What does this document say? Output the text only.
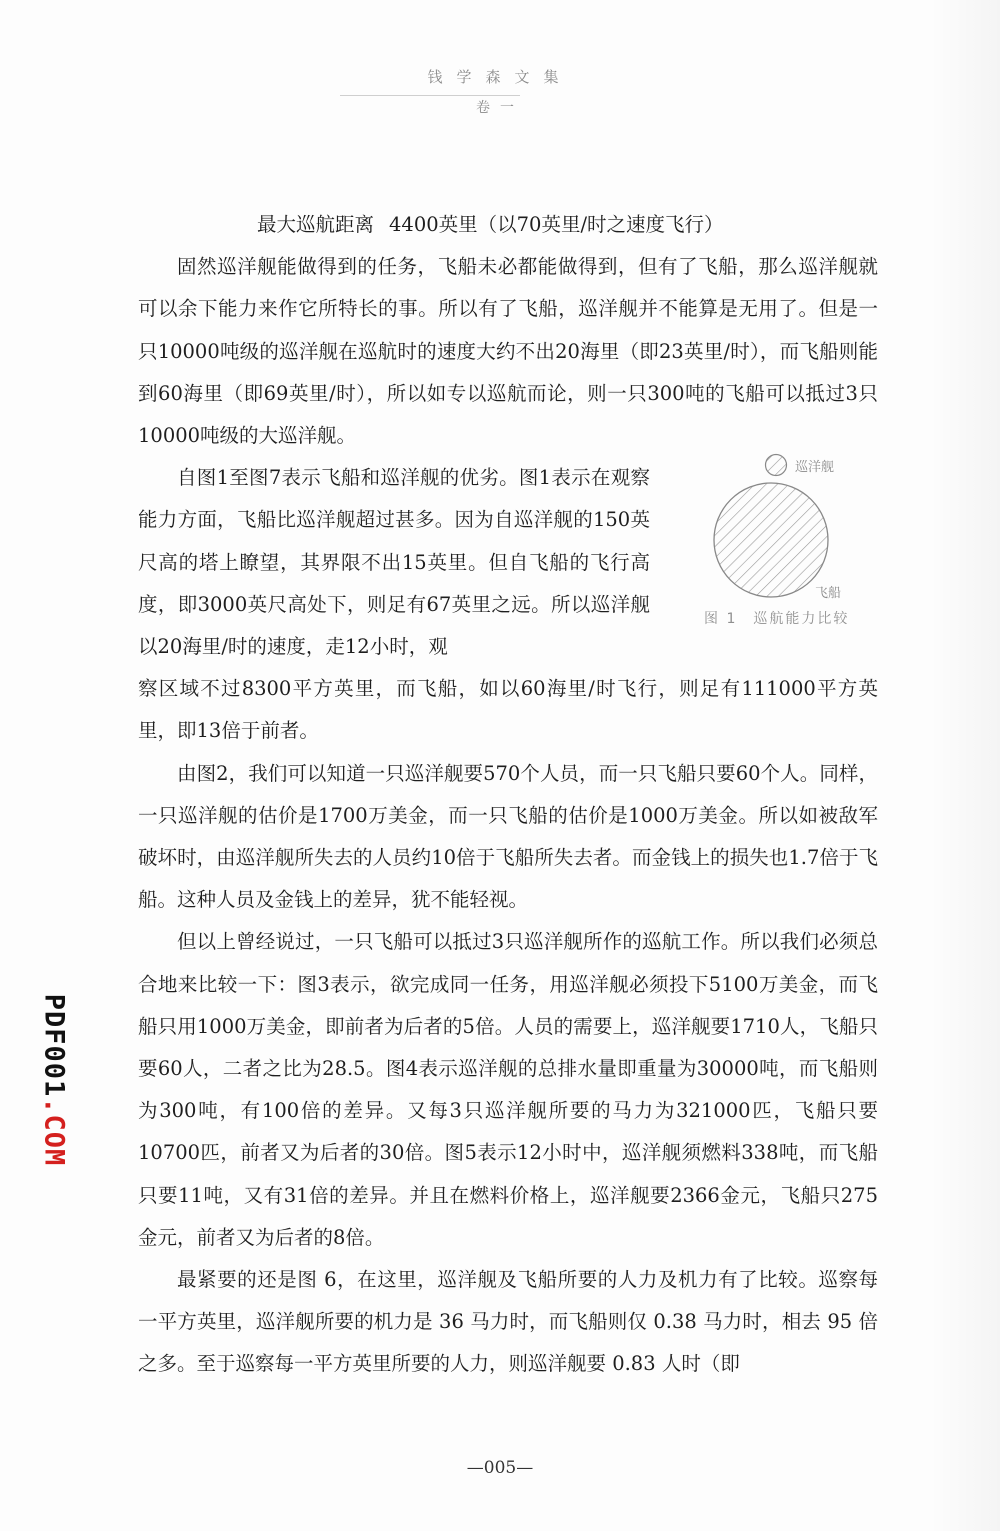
钱学森文集
卷一

最大巡航距离 4400英里（以70英里/时之速度飞行）

固然巡洋舰能做得到的任务，飞船未必都能做得到，但有了飞船，那么巡洋舰就可以余下能力来作它所特长的事。所以有了飞船，巡洋舰并不能算是无用了。但是一只10000吨级的巡洋舰在巡航时的速度大约不出20海里（即23英里/时），而飞船则能到60海里（即69英里/时），所以如专以巡航而论，则一只300吨的飞船可以抵过3只10000吨级的大巡洋舰。

自图1至图7表示飞船和巡洋舰的优劣。图1表示在观察能力方面，飞船比巡洋舰超过甚多。因为自巡洋舰的150英尺高的塔上瞭望，其界限不出15英里。但自飞船的飞行高度，即3000英尺高处下，则足有67英里之远。所以巡洋舰以20海里/时的速度，走12小时，观

察区域不过8300平方英里，而飞船，如以60海里/时飞行，则足有111000平方英里，即13倍于前者。

由图2，我们可以知道一只巡洋舰要570个人员，而一只飞船只要60个人。同样，一只巡洋舰的估价是1700万美金，而一只飞船的估价是1000万美金。所以如被敌军破坏时，由巡洋舰所失去的人员约10倍于飞船所失去者。而金钱上的损失也1.7倍于飞船。这种人员及金钱上的差异，犹不能轻视。

但以上曾经说过，一只飞船可以抵过3只巡洋舰所作的巡航工作。所以我们必须总合地来比较一下：图3表示，欲完成同一任务，用巡洋舰必须投下5100万美金，而飞船只用1000万美金，即前者为后者的5倍。人员的需要上，巡洋舰要1710人，飞船只要60人，二者之比为28.5。图4表示巡洋舰的总排水量即重量为30000吨，而飞船则为300吨，有100倍的差异。又每3只巡洋舰所要的马力为321000匹，飞船只要10700匹，前者又为后者的30倍。图5表示12小时中，巡洋舰须燃料338吨，而飞船只要11吨，又有31倍的差异。并且在燃料价格上，巡洋舰要2366金元，飞船只275金元，前者又为后者的8倍。

最紧要的还是图 6，在这里，巡洋舰及飞船所要的人力及机力有了比较。巡察每一平方英里，巡洋舰所要的机力是 36 马力时，而飞船则仅 0.38 马力时，相去 95 倍之多。至于巡察每一平方英里所要的人力，则巡洋舰要 0.83 人时（即

巡洋舰
飞船
图 1　巡航能力比较
—005—
PDF001.COM
